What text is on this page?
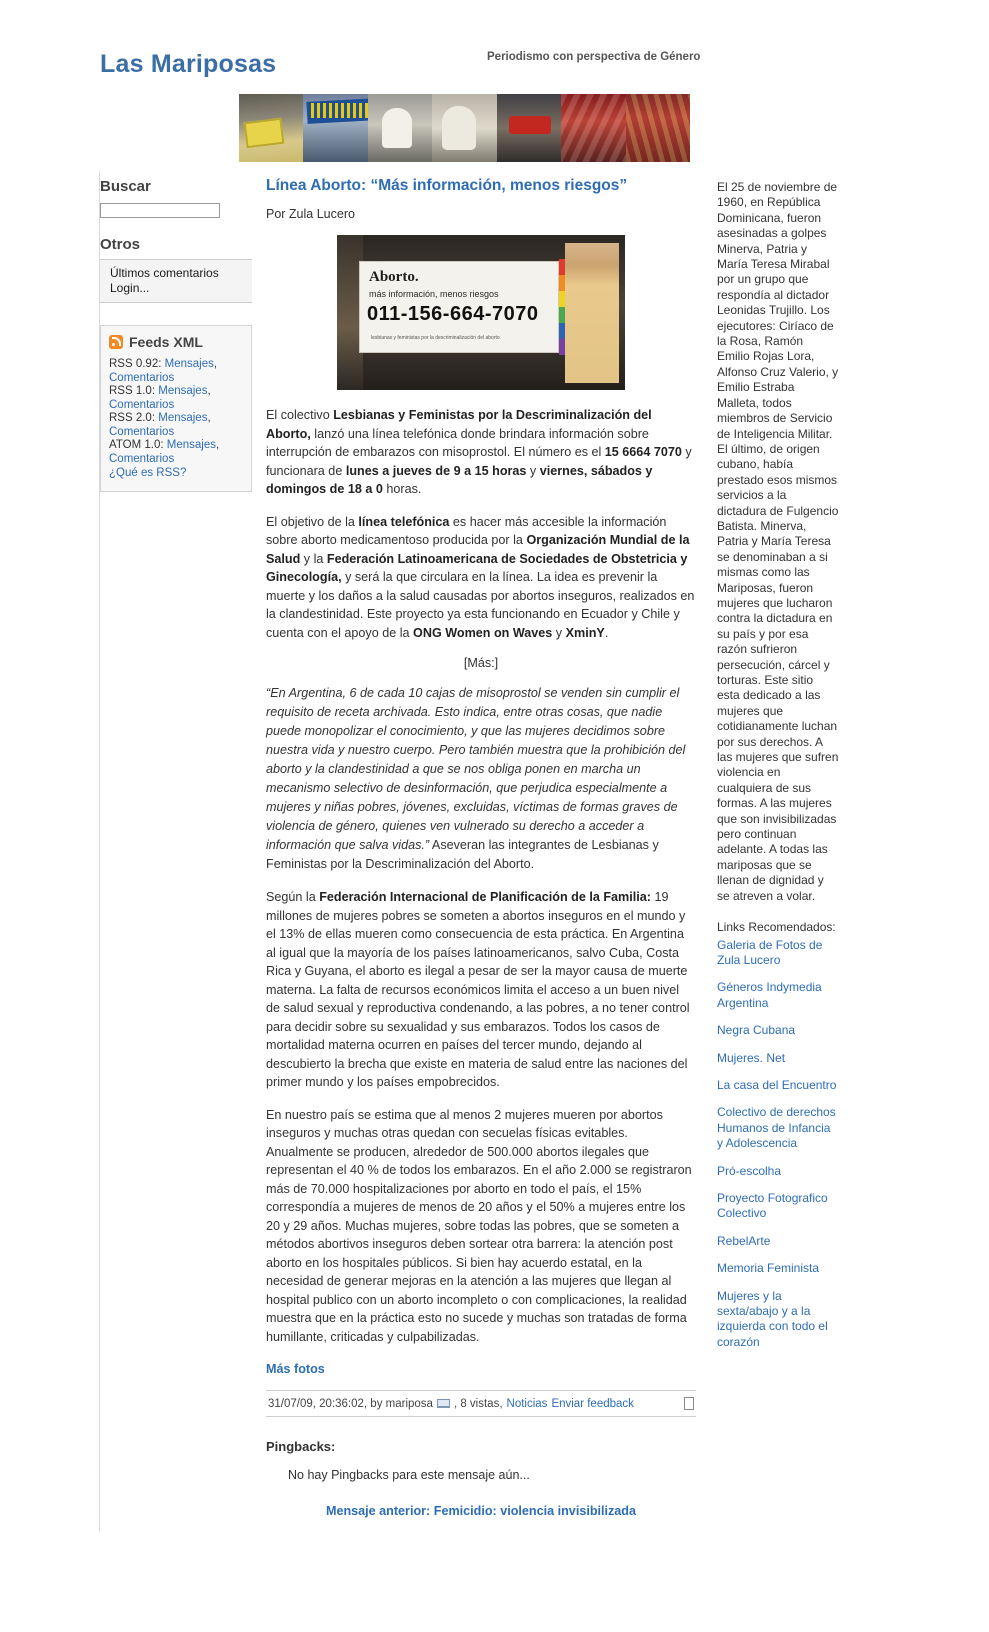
Las Mariposas	Periodismo con perspectiva de Género
Buscar
Otros
Últimos comentarios
Login...
Feeds XML
RSS 0.92: Mensajes, Comentarios
RSS 1.0: Mensajes, Comentarios
RSS 2.0: Mensajes, Comentarios
ATOM 1.0: Mensajes, Comentarios
¿Qué es RSS?
Línea Aborto: “Más información, menos riesgos”
Por Zula Lucero
Aborto.
más información, menos riesgos
011-156-664-7070
lesbianas y feministas por la descriminalización del aborto

El colectivo Lesbianas y Feministas por la Descriminalización del Aborto, lanzó una línea telefónica donde brindara información sobre interrupción de embarazos con misoprostol. El número es el 15 6664 7070 y funcionara de lunes a jueves de 9 a 15 horas y viernes, sábados y domingos de 18 a 0 horas.

El objetivo de la línea telefónica es hacer más accesible la información sobre aborto medicamentoso producida por la Organización Mundial de la Salud y la Federación Latinoamericana de Sociedades de Obstetricia y Ginecología, y será la que circulara en la línea. La idea es prevenir la muerte y los daños a la salud causadas por abortos inseguros, realizados en la clandestinidad. Este proyecto ya esta funcionando en Ecuador y Chile y cuenta con el apoyo de la ONG Women on Waves y XminY.

[Más:]

“En Argentina, 6 de cada 10 cajas de misoprostol se venden sin cumplir el requisito de receta archivada. Esto indica, entre otras cosas, que nadie puede monopolizar el conocimiento, y que las mujeres decidimos sobre nuestra vida y nuestro cuerpo. Pero también muestra que la prohibición del aborto y la clandestinidad a que se nos obliga ponen en marcha un mecanismo selectivo de desinformación, que perjudica especialmente a mujeres y niñas pobres, jóvenes, excluidas, víctimas de formas graves de violencia de género, quienes ven vulnerado su derecho a acceder a información que salva vidas.” Aseveran las integrantes de Lesbianas y Feministas por la Descriminalización del Aborto.

Según la Federación Internacional de Planificación de la Familia: 19 millones de mujeres pobres se someten a abortos inseguros en el mundo y el 13% de ellas mueren como consecuencia de esta práctica. En Argentina al igual que la mayoría de los países latinoamericanos, salvo Cuba, Costa Rica y Guyana, el aborto es ilegal a pesar de ser la mayor causa de muerte materna. La falta de recursos económicos limita el acceso a un buen nivel de salud sexual y reproductiva condenando, a las pobres, a no tener control para decidir sobre su sexualidad y sus embarazos. Todos los casos de mortalidad materna ocurren en países del tercer mundo, dejando al descubierto la brecha que existe en materia de salud entre las naciones del primer mundo y los países empobrecidos.

En nuestro país se estima que al menos 2 mujeres mueren por abortos inseguros y muchas otras quedan con secuelas físicas evitables. Anualmente se producen, alrededor de 500.000 abortos ilegales que representan el 40 % de todos los embarazos. En el año 2.000 se registraron más de 70.000 hospitalizaciones por aborto en todo el país, el 15% correspondía a mujeres de menos de 20 años y el 50% a mujeres entre los 20 y 29 años. Muchas mujeres, sobre todas las pobres, que se someten a métodos abortivos inseguros deben sortear otra barrera: la atención post aborto en los hospitales públicos. Si bien hay acuerdo estatal, en la necesidad de generar mejoras en la atención a las mujeres que llegan al hospital publico con un aborto incompleto o con complicaciones, la realidad muestra que en la práctica esto no sucede y muchas son tratadas de forma humillante, criticadas y culpabilizadas.

Más fotos
31/07/09, 20:36:02, by mariposa , 8 vistas, Noticias Enviar feedback
Pingbacks:
No hay Pingbacks para este mensaje aún...
Mensaje anterior: Femicidio: violencia invisibilizada
El 25 de noviembre de 1960, en República Dominicana, fueron asesinadas a golpes Minerva, Patria y María Teresa Mirabal por un grupo que respondía al dictador Leonidas Trujillo. Los ejecutores: Ciríaco de la Rosa, Ramón Emilio Rojas Lora, Alfonso Cruz Valerio, y Emilio Estraba Malleta, todos miembros de Servicio de Inteligencia Militar. El último, de origen cubano, había prestado esos mismos servicios a la dictadura de Fulgencio Batista. Minerva, Patria y María Teresa se denominaban a si mismas como las Mariposas, fueron mujeres que lucharon contra la dictadura en su país y por esa razón sufrieron persecución, cárcel y torturas. Este sitio esta dedicado a las mujeres que cotidianamente luchan por sus derechos. A las mujeres que sufren violencia en cualquiera de sus formas. A las mujeres que son invisibilizadas pero continuan adelante. A todas las mariposas que se llenan de dignidad y se atreven a volar.
Links Recomendados:
Galeria de Fotos de Zula Lucero
Géneros Indymedia Argentina
Negra Cubana
Mujeres. Net
La casa del Encuentro
Colectivo de derechos Humanos de Infancia y Adolescencia
Pró-escolha
Proyecto Fotografico Colectivo
RebelArte
Memoria Feminista
Mujeres y la sexta/abajo y a la izquierda con todo el corazón
